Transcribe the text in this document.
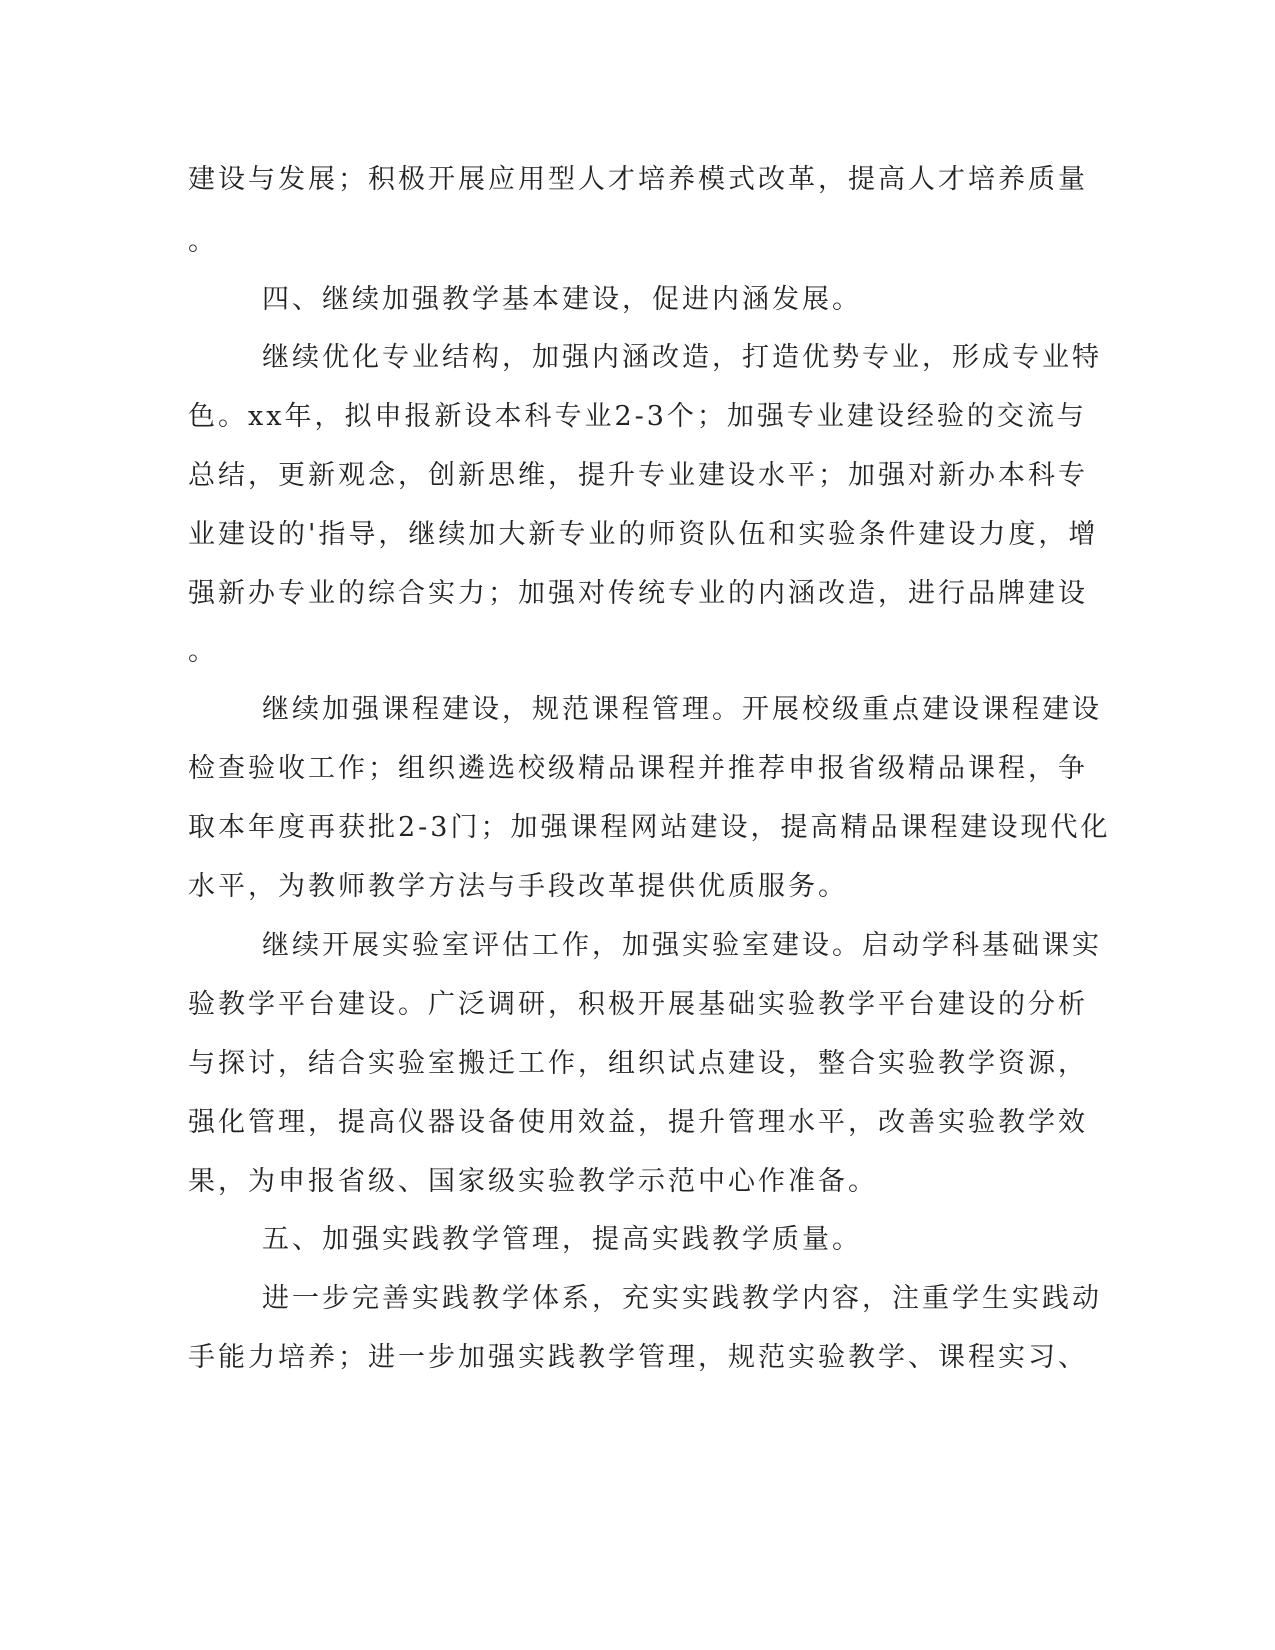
建设与发展；积极开展应用型人才培养模式改革，提高人才培养质量
。
四、继续加强教学基本建设，促进内涵发展。
继续优化专业结构，加强内涵改造，打造优势专业，形成专业特
色。xx年，拟申报新设本科专业2-3个；加强专业建设经验的交流与
总结，更新观念，创新思维，提升专业建设水平；加强对新办本科专
业建设的'指导，继续加大新专业的师资队伍和实验条件建设力度，增
强新办专业的综合实力；加强对传统专业的内涵改造，进行品牌建设
。
继续加强课程建设，规范课程管理。开展校级重点建设课程建设
检查验收工作；组织遴选校级精品课程并推荐申报省级精品课程，争
取本年度再获批2-3门；加强课程网站建设，提高精品课程建设现代化
水平，为教师教学方法与手段改革提供优质服务。
继续开展实验室评估工作，加强实验室建设。启动学科基础课实
验教学平台建设。广泛调研，积极开展基础实验教学平台建设的分析
与探讨，结合实验室搬迁工作，组织试点建设，整合实验教学资源，
强化管理，提高仪器设备使用效益，提升管理水平，改善实验教学效
果，为申报省级、国家级实验教学示范中心作准备。
五、加强实践教学管理，提高实践教学质量。
进一步完善实践教学体系，充实实践教学内容，注重学生实践动
手能力培养；进一步加强实践教学管理，规范实验教学、课程实习、
